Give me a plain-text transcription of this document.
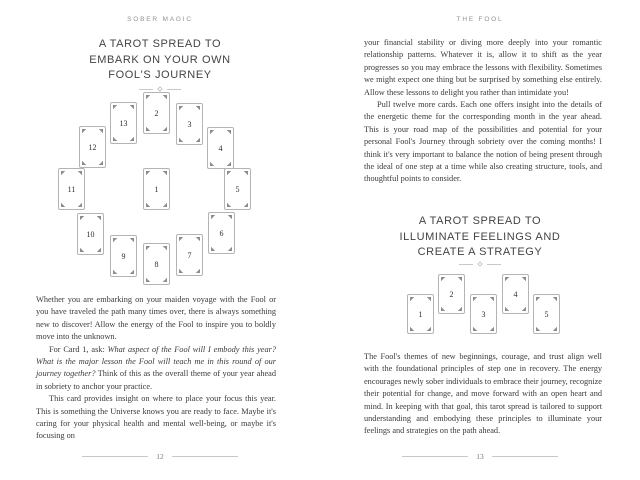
SOBER MAGIC
A TAROT SPREAD TO
EMBARK ON YOUR OWN
FOOL'S JOURNEY
1
2
3
4
5
6
7
8
9
10
11
12
13

Whether you are embarking on your maiden voyage with the Fool or you have traveled the path many times over, there is always something new to discover! Allow the energy of the Fool to inspire you to boldly move into the unknown.

For Card 1, ask: What aspect of the Fool will I embody this year? What is the major lesson the Fool will teach me in this round of our journey together? Think of this as the overall theme of your year ahead in sobriety to anchor your practice.

This card provides insight on where to place your focus this year. This is something the Universe knows you are ready to face. Maybe it's caring for your physical health and mental well-being, or maybe it's focusing on

12
THE FOOL

your financial stability or diving more deeply into your romantic relationship patterns. Whatever it is, allow it to shift as the year progresses so you may embrace the lessons with flexibility. Sometimes we might expect one thing but be surprised by something else entirely. Allow these lessons to delight you rather than intimidate you!

Pull twelve more cards. Each one offers insight into the details of the energetic theme for the corresponding month in the year ahead. This is your road map of the possibilities and potential for your personal Fool's Journey through sobriety over the coming months! I think it's very important to balance the notion of being present through the ideal of one step at a time while also creating structure, tools, and thoughtful points to consider.

A TAROT SPREAD TO
ILLUMINATE FEELINGS AND
CREATE A STRATEGY
1
2
3
4
5

The Fool's themes of new beginnings, courage, and trust align well with the foundational principles of step one in recovery. The energy encourages newly sober individuals to embrace their journey, recognize their potential for change, and move forward with an open heart and mind. In keeping with that goal, this tarot spread is tailored to support understanding and embodying these principles to illuminate your feelings and strategies on the path ahead.

13
